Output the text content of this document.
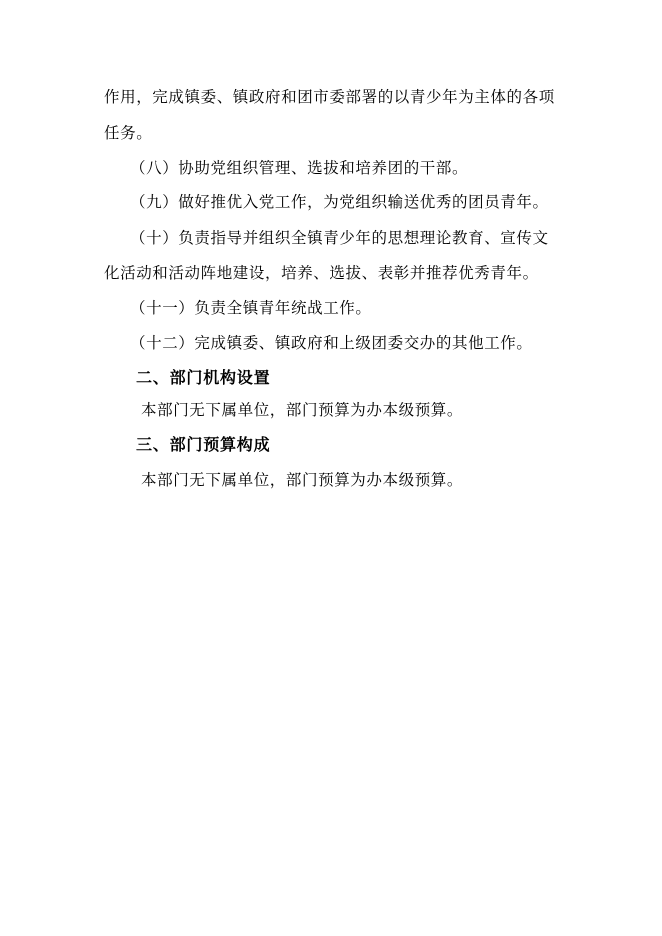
作用，完成镇委、镇政府和团市委部署的以青少年为主体的各项
任务。
（八）协助党组织管理、选拔和培养团的干部。
（九）做好推优入党工作，为党组织输送优秀的团员青年。
（十）负责指导并组织全镇青少年的思想理论教育、宣传文
化活动和活动阵地建设，培养、选拔、表彰并推荐优秀青年。
（十一）负责全镇青年统战工作。
（十二）完成镇委、镇政府和上级团委交办的其他工作。
二、部门机构设置
本部门无下属单位，部门预算为办本级预算。
三、部门预算构成
本部门无下属单位，部门预算为办本级预算。
